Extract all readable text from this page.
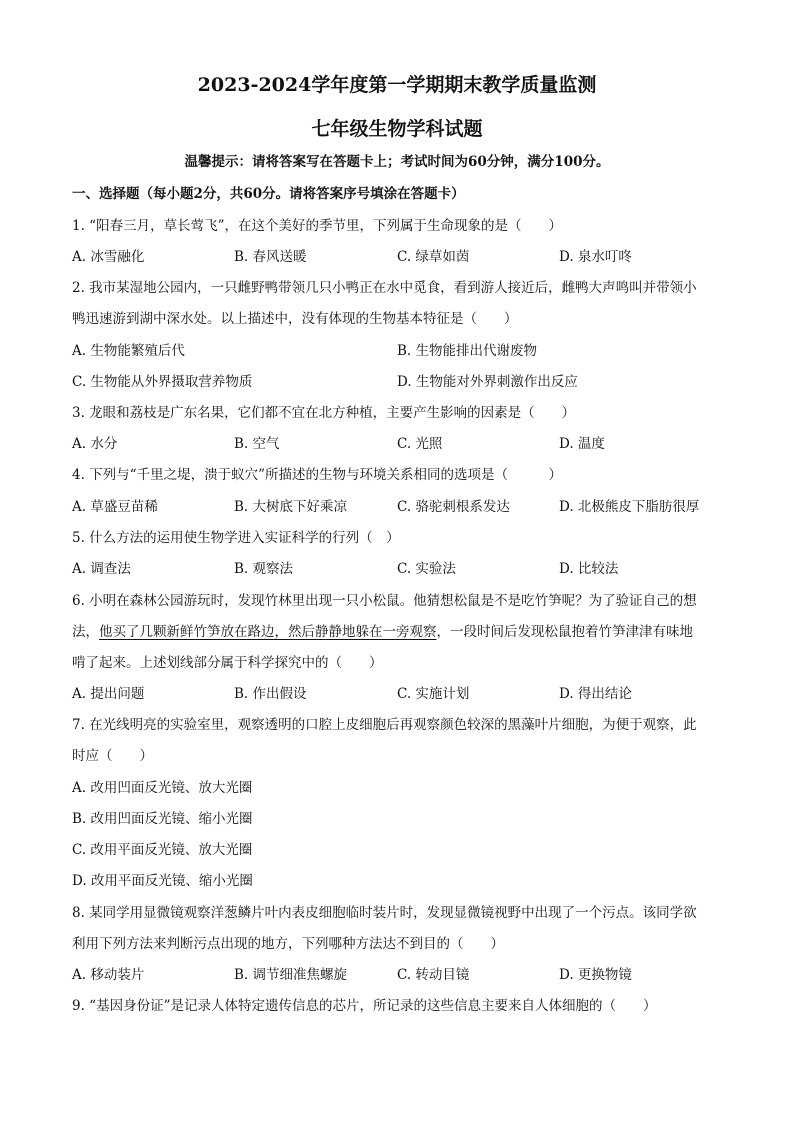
2023-2024学年度第一学期期末教学质量监测
七年级生物学科试题
温馨提示：请将答案写在答题卡上；考试时间为60分钟，满分100分。
一、选择题（每小题2分，共60分。请将答案序号填涂在答题卡）
1. “阳春三月，草长莺飞”，在这个美好的季节里，下列属于生命现象的是（　　）
A. 冰雪融化	B. 春风送暖	C. 绿草如茵	D. 泉水叮咚
2. 我市某湿地公园内，一只雌野鸭带领几只小鸭正在水中觅食，看到游人接近后，雌鸭大声鸣叫并带领小
鸭迅速游到湖中深水处。以上描述中，没有体现的生物基本特征是（　　）
A. 生物能繁殖后代	B. 生物能排出代谢废物
C. 生物能从外界摄取营养物质	D. 生物能对外界刺激作出反应
3. 龙眼和荔枝是广东名果，它们都不宜在北方种植，主要产生影响的因素是（　　）
A. 水分	B. 空气	C. 光照	D. 温度
4. 下列与“千里之堤，溃于蚁穴”所描述的生物与环境关系相同的选项是（　　　）
A. 草盛豆苗稀	B. 大树底下好乘凉	C. 骆驼刺根系发达	D. 北极熊皮下脂肪很厚
5. 什么方法的运用使生物学进入实证科学的行列（　）
A. 调查法	B. 观察法	C. 实验法	D. 比较法
6. 小明在森林公园游玩时，发现竹林里出现一只小松鼠。他猜想松鼠是不是吃竹笋呢？为了验证自己的想
法，他买了几颗新鲜竹笋放在路边，然后静静地躲在一旁观察，一段时间后发现松鼠抱着竹笋津津有味地
啃了起来。上述划线部分属于科学探究中的（　　）
A. 提出问题	B. 作出假设	C. 实施计划	D. 得出结论
7. 在光线明亮的实验室里，观察透明的口腔上皮细胞后再观察颜色较深的黑藻叶片细胞，为便于观察，此
时应（　　）
A. 改用凹面反光镜、放大光圈
B. 改用凹面反光镜、缩小光圈
C. 改用平面反光镜、放大光圈
D. 改用平面反光镜、缩小光圈
8. 某同学用显微镜观察洋葱鳞片叶内表皮细胞临时装片时，发现显微镜视野中出现了一个污点。该同学欲
利用下列方法来判断污点出现的地方，下列哪种方法达不到目的（　　）
A. 移动装片	B. 调节细准焦螺旋	C. 转动目镜	D. 更换物镜
9. “基因身份证”是记录人体特定遗传信息的芯片，所记录的这些信息主要来自人体细胞的（　　）
